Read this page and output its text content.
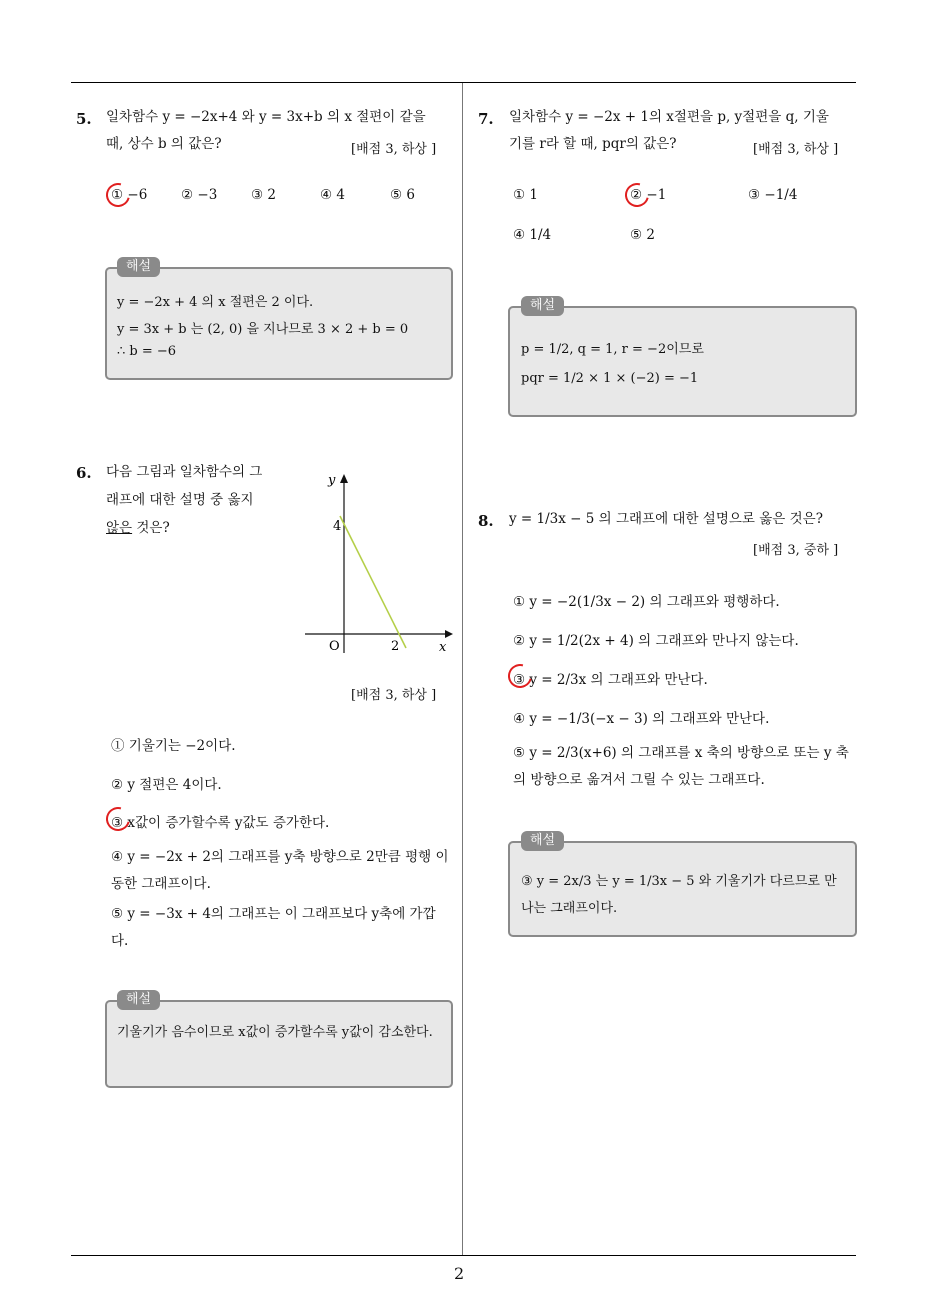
2
5. 일차함수 y = −2x+4 와 y = 3x+b 의 x 절편이 같을
때, 상수 b 의 값은?	[배점 3, 하상 ]
① −6 ② −3 ③ 2	④ 4	⑤ 6
해설
y = −2x + 4 의 x 절편은 2 이다.
y = 3x + b 는 (2, 0) 을 지나므로 3 × 2 + b = 0
∴ b = −6
6. 다음 그림과 일차함수의 그
래프에 대한 설명 중 옳지
않은 것은?
y
4
O	2	x
[배점 3, 하상 ]
① 기울기는 −2이다.
② y 절편은 4이다.
③ x값이 증가할수록 y값도 증가한다.
④ y = −2x + 2의 그래프를 y축 방향으로 2만큼 평행 이동한 그래프이다.
⑤ y = −3x + 4의 그래프는 이 그래프보다 y축에 가깝다.
해설
기울기가 음수이므로 x값이 증가할수록 y값이 감소한다.
7. 일차함수 y = −2x + 1의 x절편을 p, y절편을 q, 기울
기를 r라 할 때, pqr의 값은?	[배점 3, 하상 ]
① 1	② −1	③ −1/4
④ 1/4	⑤ 2
해설
p = 1/2, q = 1, r = −2이므로
pqr = 1/2 × 1 × (−2) = −1
8. y = 1/3x − 5 의 그래프에 대한 설명으로 옳은 것은?
[배점 3, 중하 ]
① y = −2(1/3x − 2) 의 그래프와 평행하다.
② y = 1/2(2x + 4) 의 그래프와 만나지 않는다.
③ y = 2/3x 의 그래프와 만난다.
④ y = −1/3(−x − 3) 의 그래프와 만난다.
⑤ y = 2/3(x+6) 의 그래프를 x 축의 방향으로 또는 y 축의 방향으로 옮겨서 그릴 수 있는 그래프다.
해설
③ y = 2x/3 는 y = 1/3x − 5 와 기울기가 다르므로 만나는 그래프이다.
